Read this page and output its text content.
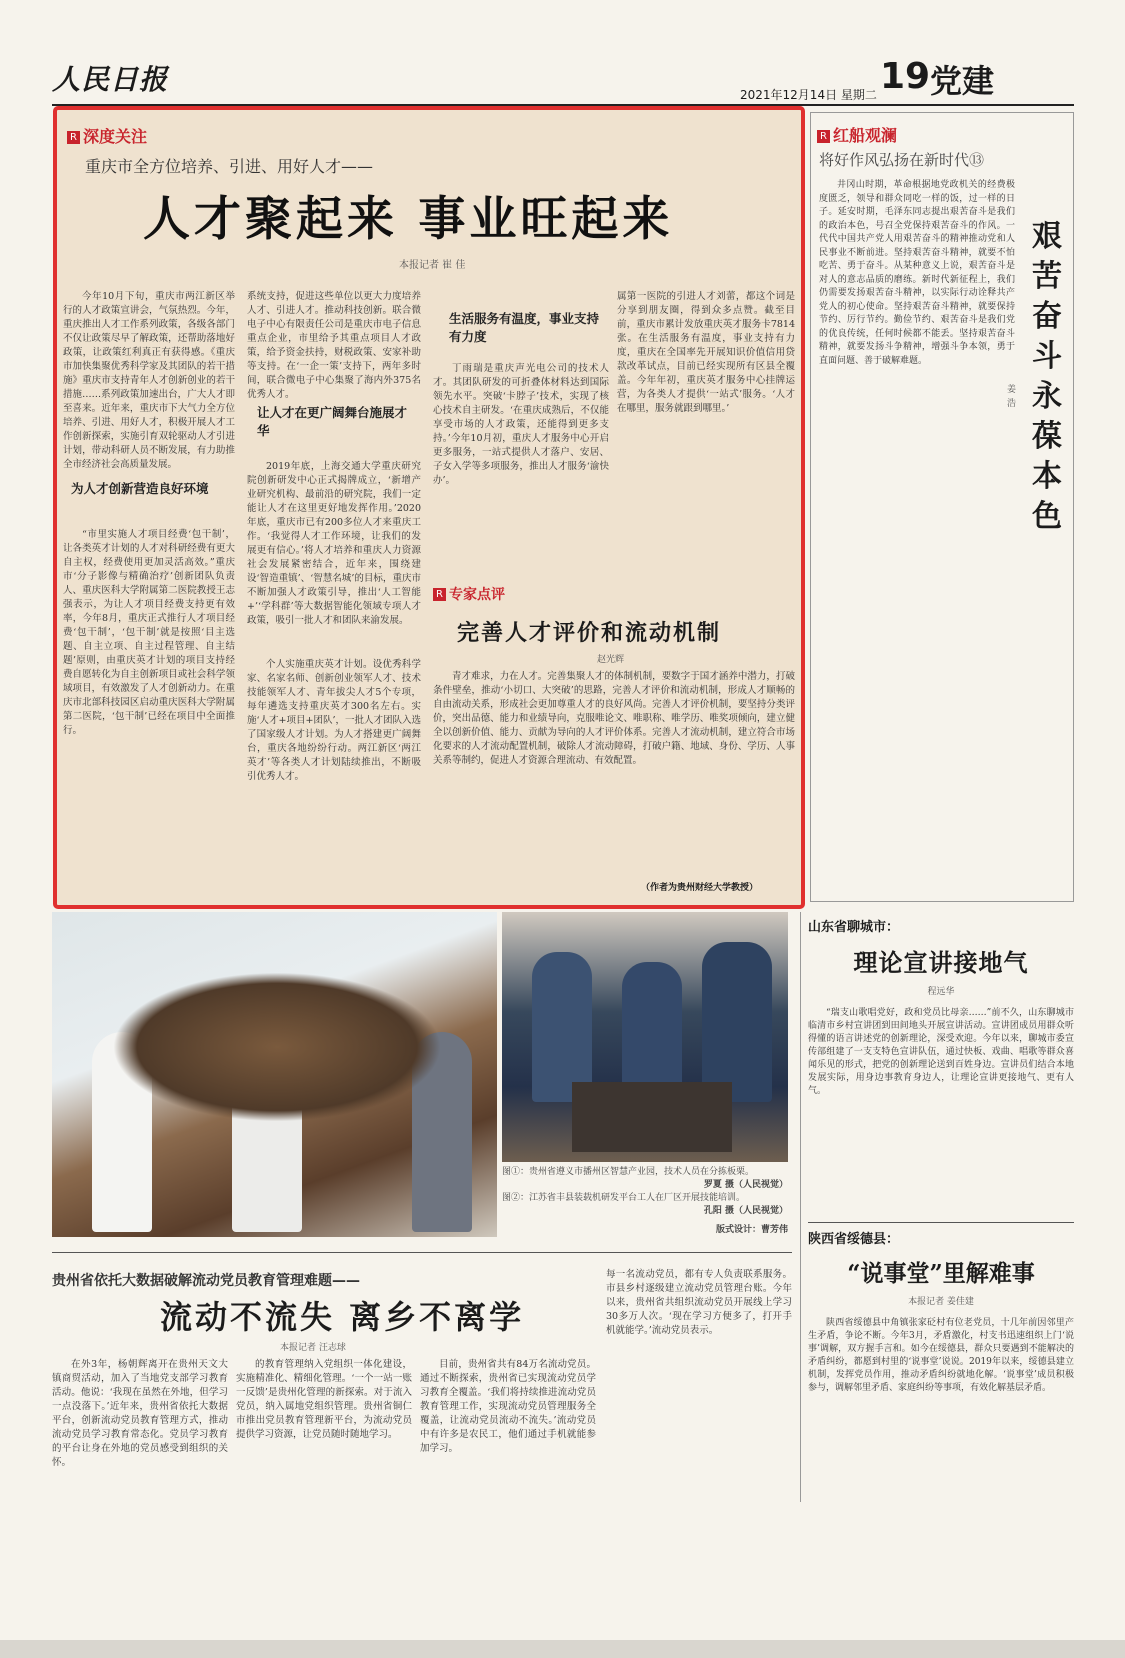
人民日报	2021年12月14日 星期二 19 党建
R 深度关注
重庆市全方位培养、引进、用好人才——
人才聚起来 事业旺起来
本报记者 崔 佳
今年10月下旬，重庆市两江新区举行的人才政策宣讲会，气氛热烈。今年，重庆推出人才工作系列政策，各级各部门不仅让政策尽早了解政策，还帮助落地好政策，让政策红利真正有获得感。《重庆市加快集聚优秀科学家及其团队的若干措施》重庆市支持青年人才创新创业的若干措施……系列政策加速出台，广大人才即至喜来。近年来，重庆市下大气力全方位培养、引进、用好人才，积极开展人才工作创新探索，实施引育双轮驱动人才引进计划，带动科研人员不断发展，有力助推全市经济社会高质量发展。
为人才创新营造良好环境
“市里实施人才项目经费‘包干制’，让各类英才计划的人才对科研经费有更大自主权，经费使用更加灵活高效。”重庆市‘分子影像与精确治疗’创新团队负责人、重庆医科大学附属第二医院教授王志强表示，为让人才项目经费支持更有效率，今年8月，重庆正式推行人才项目经费‘包干制’，‘包干制’就是按照‘目主选题、自主立项、自主过程管理、自主结题’原则，由重庆英才计划的项目支持经费自愿转化为自主创新项目或社会科学领域项目，有效激发了人才创新动力。在重庆市北部科技园区启动重庆医科大学附属第二医院，‘包干制’已经在项目中全面推行。
系统支持，促进这些单位以更大力度培养人才、引进人才。推动科技创新。联合微电子中心有限责任公司是重庆市电子信息重点企业，市里给予其重点项目人才政策，给予资金扶持，财税政策、安家补助等支持。在‘一企一策’支持下，两年多时间，联合微电子中心集聚了海内外375名优秀人才。
让人才在更广阔舞台施展才华
2019年底，上海交通大学重庆研究院创新研发中心正式揭牌成立，‘新增产业研究机构、最前沿的研究院，我们一定能让人才在这里更好地发挥作用。’2020年底，重庆市已有200多位人才来重庆工作。‘我觉得人才工作环境，让我们的发展更有信心。’将人才培养和重庆人力资源社会发展紧密结合，近年来，围绕建设‘智造重镇’、‘智慧名城’的目标，重庆市不断加强人才政策引导，推出‘人工智能+’‘学科群’等大数据智能化领域专项人才政策，吸引一批人才和团队来渝发展。
个人实施重庆英才计划。设优秀科学家、名家名师、创新创业领军人才、技术技能领军人才、青年拔尖人才5个专项，每年遴选支持重庆英才300名左右。实施‘人才+项目+团队’，一批人才团队入选了国家级人才计划。为人才搭建更广阔舞台，重庆各地纷纷行动。两江新区‘两江英才’等各类人才计划陆续推出，不断吸引优秀人才。
生活服务有温度，事业支持有力度
丁雨瑞是重庆声光电公司的技术人才。其团队研发的可折叠体材料达到国际领先水平。突破‘卡脖子’技术，实现了核心技术自主研发。‘在重庆成熟后，不仅能享受市场的人才政策，还能得到更多支持。’今年10月初，重庆人才服务中心开启更多服务，一站式提供人才落户、安居、子女入学等多项服务，推出人才服务‘渝快办’。
属第一医院的引进人才刘蕾，都这个词是分享到朋友圈，得到众多点赞。截至目前，重庆市累计发放重庆英才服务卡7814张。在生活服务有温度，事业支持有力度，重庆在全国率先开展知识价值信用贷款改革试点，目前已经实现所有区县全覆盖。今年年初，重庆英才服务中心挂牌运营，为各类人才提供‘一站式’服务。‘人才在哪里，服务就跟到哪里。’
R 专家点评
完善人才评价和流动机制
赵光辉
青才难求，力在人才。完善集聚人才的体制机制，要数字于国才涵养中潜力，打破条件壁垒，推动‘小切口、大突破’的思路，完善人才评价和流动机制，形成人才顺畅的自由流动关系，形成社会更加尊重人才的良好风尚。完善人才评价机制，要坚持分类评价，突出品德、能力和业绩导向，克服唯论文、唯职称、唯学历、唯奖项倾向，建立健全以创新价值、能力、贡献为导向的人才评价体系。完善人才流动机制，建立符合市场化要求的人才流动配置机制，破除人才流动障碍，打破户籍、地域、身份、学历、人事关系等制约，促进人才资源合理流动、有效配置。
（作者为贵州财经大学教授）
R 红船观澜
将好作风弘扬在新时代⑬
井冈山时期，革命根据地党政机关的经费极度匮乏，领导和群众同吃一样的饭，过一样的日子。延安时期，毛泽东同志提出艰苦奋斗是我们的政治本色，号召全党保持艰苦奋斗的作风。一代代中国共产党人用艰苦奋斗的精神推动党和人民事业不断前进。坚持艰苦奋斗精神，就要不怕吃苦、勇于奋斗。从某种意义上说，艰苦奋斗是对人的意志品质的磨练。新时代新征程上，我们仍需要发扬艰苦奋斗精神，以实际行动诠释共产党人的初心使命。坚持艰苦奋斗精神，就要保持节约、厉行节约。勤俭节约、艰苦奋斗是我们党的优良传统，任何时候都不能丢。坚持艰苦奋斗精神，就要发扬斗争精神，增强斗争本领，勇于直面问题、善于破解难题。
艰苦奋斗 永葆本色
姜 浩
图①：贵州省遵义市播州区智慧产业园，技术人员在分拣板栗。
罗夏 摄（人民视觉）
图②：江苏省丰县装载机研发平台工人在厂区开展技能培训。
孔阳 摄（人民视觉）
版式设计：曹芳伟
山东省聊城市：
理论宣讲接地气
程远华
“瑞支山歌唱党好，政和党员比母亲……”前不久，山东聊城市临清市乡村宣讲团到田间地头开展宣讲活动。宣讲团成员用群众听得懂的语言讲述党的创新理论，深受欢迎。今年以来，聊城市委宣传部组建了一支支特色宣讲队伍，通过快板、戏曲、唱歌等群众喜闻乐见的形式，把党的创新理论送到百姓身边。宣讲员们结合本地发展实际，用身边事教育身边人，让理论宣讲更接地气、更有人气。
陕西省绥德县：
“说事堂”里解难事
本报记者 姜佳建
陕西省绥德县中角镇张家砭村有位老党员，十几年前因邻里产生矛盾，争论不断。今年3月，矛盾激化，村支书迅速组织上门‘说事’调解，双方握手言和。如今在绥德县，群众只要遇到不能解决的矛盾纠纷，都愿到村里的‘说事堂’说说。2019年以来，绥德县建立机制，发挥党员作用，推动矛盾纠纷就地化解。‘说事堂’成员积极参与，调解邻里矛盾、家庭纠纷等事项，有效化解基层矛盾。
贵州省依托大数据破解流动党员教育管理难题——
流动不流失 离乡不离学
本报记者 汪志球
在外3年，杨朝辉离开在贵州天文大镇商贸活动，加入了当地党支部学习教育活动。他说：‘我现在虽然在外地，但学习一点没落下。’近年来，贵州省依托大数据平台，创新流动党员教育管理方式，推动流动党员学习教育常态化。党员学习教育的平台让身在外地的党员感受到组织的关怀。
的教育管理纳入党组织一体化建设，实施精准化、精细化管理。‘一个一站一账一反馈’是贵州化管理的新探索。对于流入党员，纳入属地党组织管理。贵州省铜仁市推出党员教育管理新平台，为流动党员提供学习资源，让党员随时随地学习。
目前，贵州省共有84万名流动党员。通过不断探索，贵州省已实现流动党员学习教育全覆盖。‘我们将持续推进流动党员教育管理工作，实现流动党员管理服务全覆盖，让流动党员流动不流失。’流动党员中有许多是农民工，他们通过手机就能参加学习。
每一名流动党员，都有专人负责联系服务。市县乡村逐级建立流动党员管理台账。今年以来，贵州省共组织流动党员开展线上学习30多万人次。‘现在学习方便多了，打开手机就能学。’流动党员表示。
